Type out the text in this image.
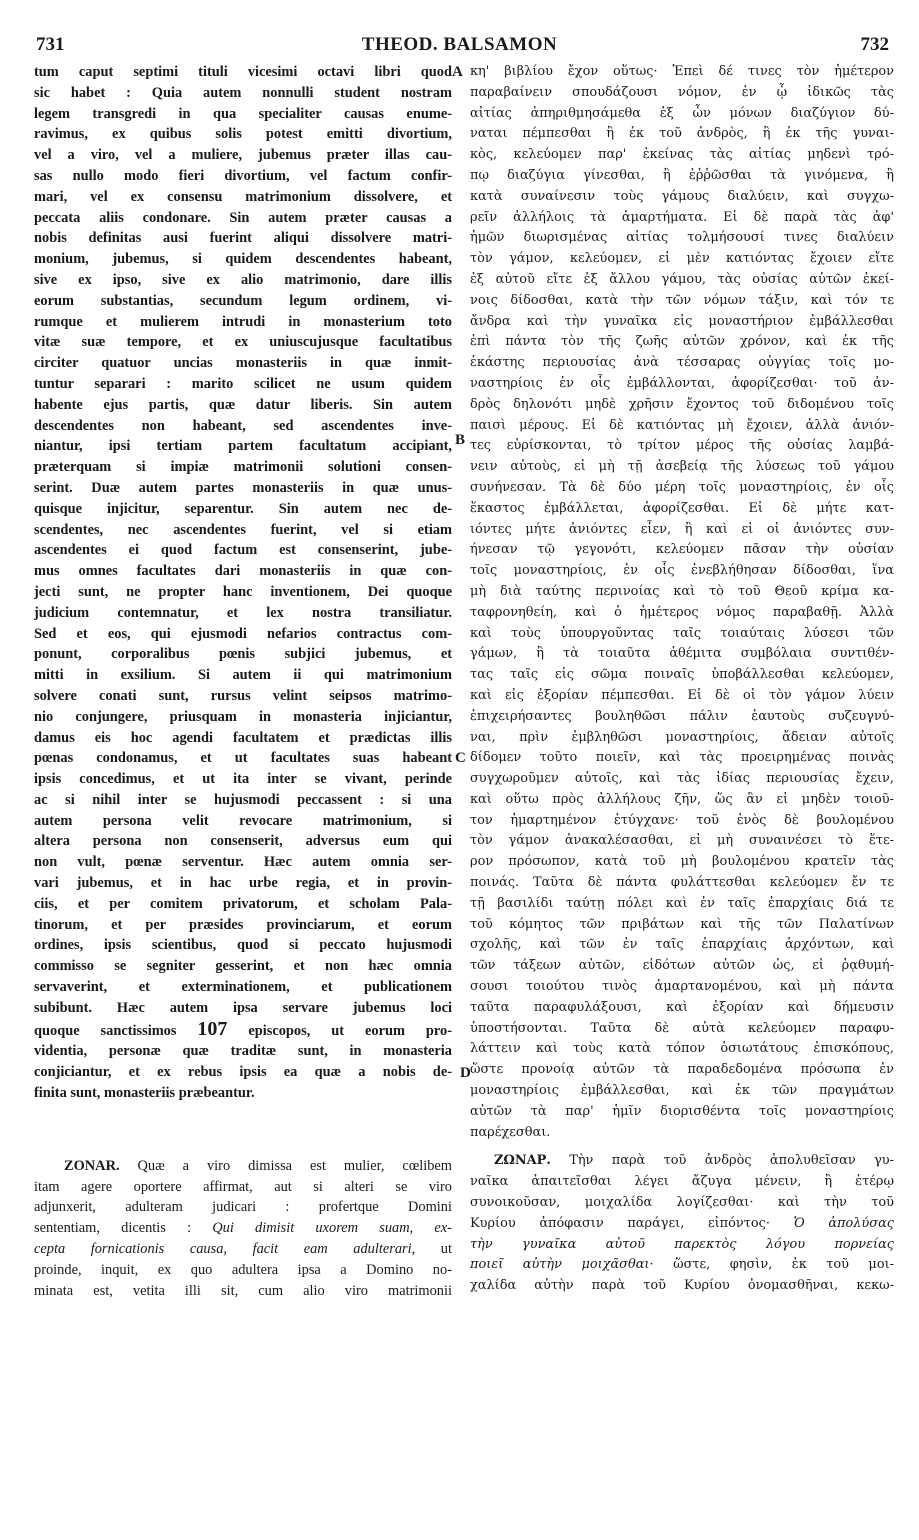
731	THEOD. BALSAMON	732
A
B
C
D
tum caput septimi tituli vicesimi octavi libri quod
sic habet : Quia autem nonnulli student nostram
legem transgredi in qua specialiter causas enume-
ravimus, ex quibus solis potest emitti divortium,
vel a viro, vel a muliere, jubemus præter illas cau-
sas nullo modo fieri divortium, vel factum confir-
mari, vel ex consensu matrimonium dissolvere, et
peccata aliis condonare. Sin autem præter causas a
nobis definitas ausi fuerint aliqui dissolvere matri-
monium, jubemus, si quidem descendentes habeant,
sive ex ipso, sive ex alio matrimonio, dare illis
eorum substantias, secundum legum ordinem, vi-
rumque et mulierem intrudi in monasterium toto
vitæ suæ tempore, et ex uniuscujusque facultatibus
circiter quatuor uncias monasteriis in quæ inmit-
tuntur separari : marito scilicet ne usum quidem
habente ejus partis, quæ datur liberis. Sin autem
descendentes non habeant, sed ascendentes inve-
niantur, ipsi tertiam partem facultatum accipiant,
præterquam si impiæ matrimonii solutioni consen-
serint. Duæ autem partes monasteriis in quæ unus-
quisque injicitur, separentur. Sin autem nec de-
scendentes, nec ascendentes fuerint, vel si etiam
ascendentes ei quod factum est consenserint, jube-
mus omnes facultates dari monasteriis in quæ con-
jecti sunt, ne propter hanc inventionem, Dei quoque
judicium contemnatur, et lex nostra transiliatur.
Sed et eos, qui ejusmodi nefarios contractus com-
ponunt, corporalibus pœnis subjici jubemus, et
mitti in exsilium. Si autem ii qui matrimonium
solvere conati sunt, rursus velint seipsos matrimo-
nio conjungere, priusquam in monasteria injiciantur,
damus eis hoc agendi facultatem et prædictas illis
pœnas condonamus, et ut facultates suas habeant
ipsis concedimus, et ut ita inter se vivant, perinde
ac si nihil inter se hujusmodi peccassent : si una
autem persona velit revocare matrimonium, si
altera persona non consenserit, adversus eum qui
non vult, pœnæ serventur. Hæc autem omnia ser-
vari jubemus, et in hac urbe regia, et in provin-
ciis, et per comitem privatorum, et scholam Pala-
tinorum, et per præsides provinciarum, et eorum
ordines, ipsis scientibus, quod si peccato hujusmodi
commisso se segniter gesserint, et non hæc omnia
servaverint, et exterminationem, et publicationem
subibunt. Hæc autem ipsa servare jubemus loci
quoque sanctissimos 107 episcopos, ut eorum pro-
videntia, personæ quæ traditæ sunt, in monasteria
conjiciantur, et ex rebus ipsis ea quæ a nobis de-
finita sunt, monasteriis præbeantur.
ZONAR. Quæ a viro dimissa est mulier, cœlibem
itam agere oportere affirmat, aut si alteri se viro
adjunxerit, adulteram judicari : profertque Domini
sententiam, dicentis : Qui dimisit uxorem suam, ex-
cepta fornicationis causa, facit eam adulterari, ut
proinde, inquit, ex quo adultera ipsa a Domino no-
minata est, vetita illi sit, cum alio viro matrimonii
κη' βιβλίου ἔχον οὕτως· Ἐπεὶ δέ τινες τὸν ἡμέτερον
παραβαίνειν σπουδάζουσι νόμον, ἐν ᾧ ἰδικῶς τὰς
αἰτίας ἀπηριθμησάμεθα ἐξ ὧν μόνων διαζύγιον δύ-
ναται πέμπεσθαι ἢ ἐκ τοῦ ἀνδρὸς, ἢ ἐκ τῆς γυναι-
κὸς, κελεύομεν παρ' ἐκείνας τὰς αἰτίας μηδενὶ τρό-
πῳ διαζύγια γίνεσθαι, ἢ ἐῤῥῶσθαι τὰ γινόμενα, ἢ
κατὰ συναίνεσιν τοὺς γάμους διαλύειν, καὶ συγχω-
ρεῖν ἀλλήλοις τὰ ἁμαρτήματα. Εἰ δὲ παρὰ τὰς ἀφ'
ἡμῶν διωρισμένας αἰτίας τολμήσουσί τινες διαλύειν
τὸν γάμον, κελεύομεν, εἰ μὲν κατιόντας ἔχοιεν εἴτε
ἐξ αὐτοῦ εἴτε ἐξ ἄλλου γάμου, τὰς οὐσίας αὐτῶν ἐκεί-
νοις δίδοσθαι, κατὰ τὴν τῶν νόμων τάξιν, καὶ τόν τε
ἄνδρα καὶ τὴν γυναῖκα εἰς μοναστήριον ἐμβάλλεσθαι
ἐπὶ πάντα τὸν τῆς ζωῆς αὐτῶν χρόνον, καὶ ἐκ τῆς
ἑκάστης περιουσίας ἀνὰ τέσσαρας οὐγγίας τοῖς μο-
ναστηρίοις ἐν οἷς ἐμβάλλονται, ἀφορίζεσθαι· τοῦ ἀν-
δρὸς δηλονότι μηδὲ χρῆσιν ἔχοντος τοῦ διδομένου τοῖς
παισὶ μέρους. Εἰ δὲ κατιόντας μὴ ἔχοιεν, ἀλλὰ ἀνιόν-
τες εὑρίσκονται, τὸ τρίτον μέρος τῆς οὐσίας λαμβά-
νειν αὐτοὺς, εἰ μὴ τῇ ἀσεβείᾳ τῆς λύσεως τοῦ γάμου
συνήνεσαν. Τὰ δὲ δύο μέρη τοῖς μοναστηρίοις, ἐν οἷς
ἕκαστος ἐμβάλλεται, ἀφορίζεσθαι. Εἰ δὲ μήτε κατ-
ιόντες μήτε ἀνιόντες εἶεν, ἢ καὶ εἰ οἱ ἀνιόντες συν-
ήνεσαν τῷ γεγονότι, κελεύομεν πᾶσαν τὴν οὐσίαν
τοῖς μοναστηρίοις, ἐν οἷς ἐνεβλήθησαν δίδοσθαι, ἵνα
μὴ διὰ ταύτης περινοίας καὶ τὸ τοῦ Θεοῦ κρίμα κα-
ταφρονηθείη, καὶ ὁ ἡμέτερος νόμος παραβαθῇ. Ἀλλὰ
καὶ τοὺς ὑπουργοῦντας ταῖς τοιαύταις λύσεσι τῶν
γάμων, ἢ τὰ τοιαῦτα ἀθέμιτα συμβόλαια συντιθέν-
τας ταῖς εἰς σῶμα ποιναῖς ὑποβάλλεσθαι κελεύομεν,
καὶ εἰς ἐξορίαν πέμπεσθαι. Εἰ δὲ οἱ τὸν γάμον λύειν
ἐπιχειρήσαντες βουληθῶσι πάλιν ἑαυτοὺς συζευγνύ-
ναι, πρὶν ἐμβληθῶσι μοναστηρίοις, ἄδειαν αὐτοῖς
δίδομεν τοῦτο ποιεῖν, καὶ τὰς προειρημένας ποινὰς
συγχωροῦμεν αὐτοῖς, καὶ τὰς ἰδίας περιουσίας ἔχειν,
καὶ οὕτω πρὸς ἀλλήλους ζῆν, ὥς ἂν εἰ μηδὲν τοιοῦ-
τον ἡμαρτημένον ἐτύγχανε· τοῦ ἑνὸς δὲ βουλομένου
τὸν γάμον ἀνακαλέσασθαι, εἰ μὴ συναινέσει τὸ ἕτε-
ρον πρόσωπον, κατὰ τοῦ μὴ βουλομένου κρατεῖν τὰς
ποινάς. Ταῦτα δὲ πάντα φυλάττεσθαι κελεύομεν ἔν τε
τῇ βασιλίδι ταύτῃ πόλει καὶ ἐν ταῖς ἐπαρχίαις διά τε
τοῦ κόμητος τῶν πριβάτων καὶ τῆς τῶν Παλατίνων
σχολῆς, καὶ τῶν ἐν ταῖς ἐπαρχίαις ἀρχόντων, καὶ
τῶν τάξεων αὐτῶν, εἰδότων αὐτῶν ὡς, εἰ ῥᾳθυμή-
σουσι τοιούτου τινὸς ἁμαρτανομένου, καὶ μὴ πάντα
ταῦτα παραφυλάξουσι, καὶ ἐξορίαν καὶ δήμευσιν
ὑποστήσονται. Ταῦτα δὲ αὐτὰ κελεύομεν παραφυ-
λάττειν καὶ τοὺς κατὰ τόπον ὁσιωτάτους ἐπισκόπους,
ὥστε προνοίᾳ αὐτῶν τὰ παραδεδομένα πρόσωπα ἐν
μοναστηρίοις ἐμβάλλεσθαι, καὶ ἐκ τῶν πραγμάτων
αὐτῶν τὰ παρ' ἡμῖν διορισθέντα τοῖς μοναστηρίοις
παρέχεσθαι.
ΖΩΝΑΡ. Τὴν παρὰ τοῦ ἀνδρὸς ἀπολυθεῖσαν γυ-
ναῖκα ἀπαιτεῖσθαι λέγει ἄζυγα μένειν, ἢ ἑτέρῳ
συνοικοῦσαν, μοιχαλίδα λογίζεσθαι· καὶ τὴν τοῦ
Κυρίου ἀπόφασιν παράγει, εἰπόντος· Ὁ ἀπολύσας
τὴν γυναῖκα αὐτοῦ παρεκτὸς λόγου πορνείας
ποιεῖ αὐτὴν μοιχᾶσθαι· ὥστε, φησὶν, ἐκ τοῦ μοι-
χαλίδα αὐτὴν παρὰ τοῦ Κυρίου ὀνομασθῆναι, κεκω-
